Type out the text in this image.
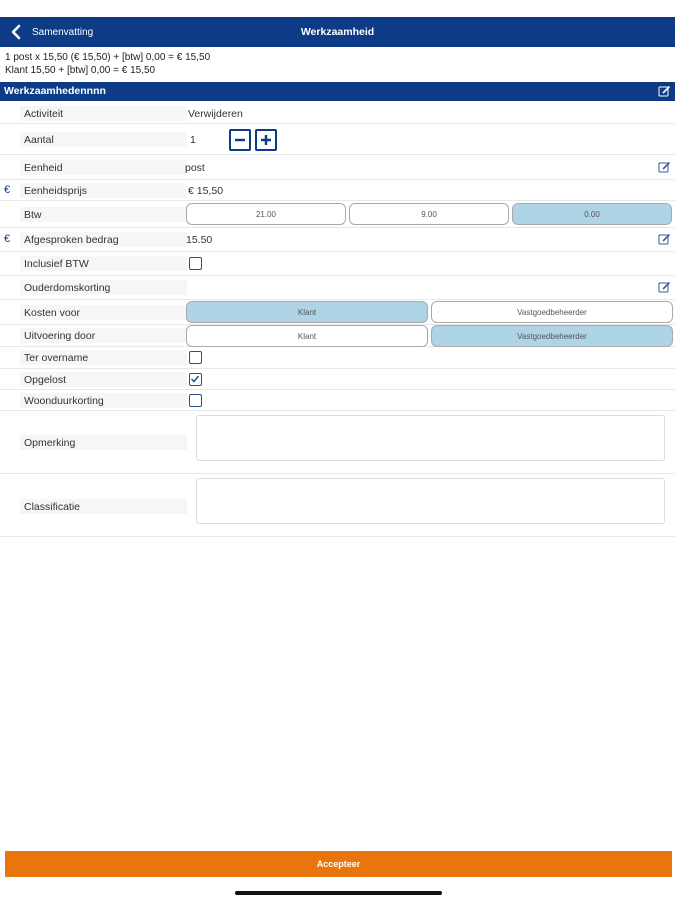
Samenvatting	Werkzaamheid
1 post x 15,50 (€ 15,50) + [btw] 0,00 = € 15,50
Klant 15,50 + [btw] 0,00 = € 15,50
Werkzaamhedennnn
Activiteit	Verwijderen
Aantal	1
Eenheid	post
€	Eenheidsprijs	€ 15,50
Btw	21.00	9.00	0.00
€	Afgesproken bedrag	15.50
Inclusief BTW
Ouderdomskorting
Kosten voor	Klant	Vastgoedbeheerder
Uitvoering door	Klant	Vastgoedbeheerder
Ter overname
Opgelost
Woonduurkorting
Opmerking
Classificatie
Accepteer
